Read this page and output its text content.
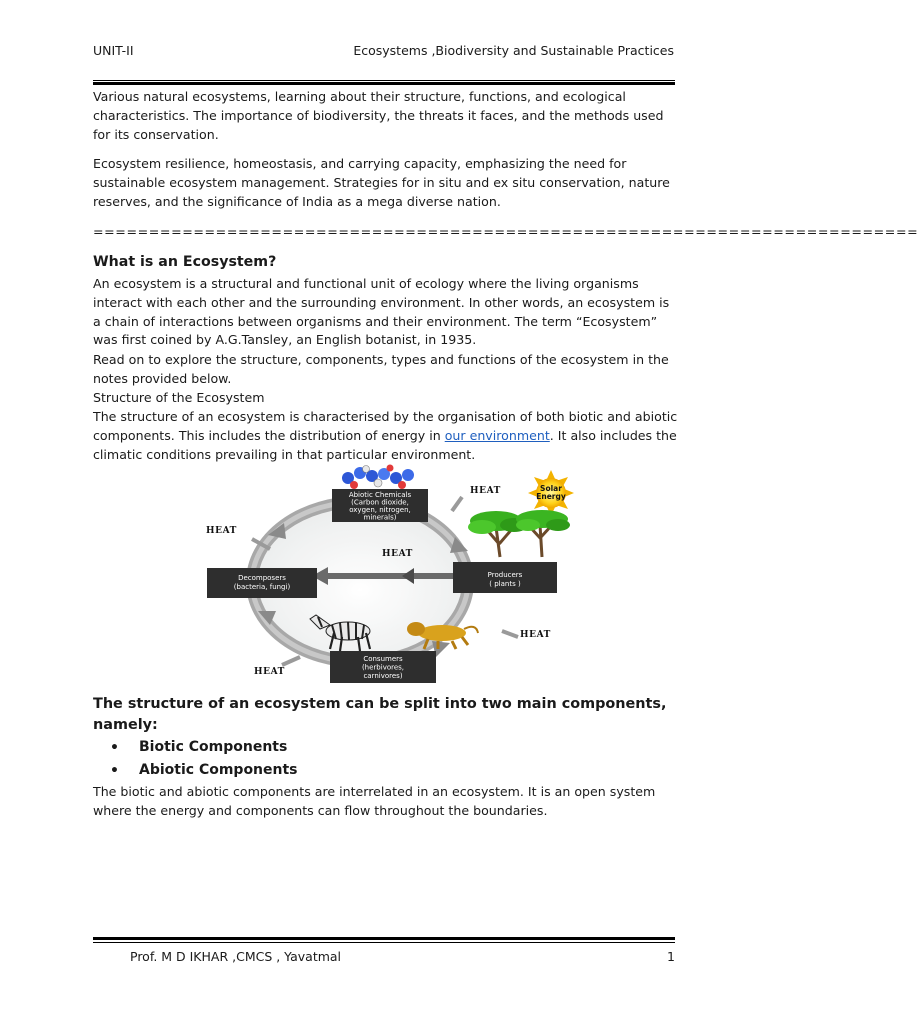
UNIT-II	Ecosystems ,Biodiversity and Sustainable Practices

Various natural ecosystems, learning about their structure, functions, and ecological characteristics. The importance of biodiversity, the threats it faces, and the methods used for its conservation.

Ecosystem resilience, homeostasis, and carrying capacity, emphasizing the need for sustainable ecosystem management. Strategies for in situ and ex situ conservation, nature reserves, and the significance of India as a mega diverse nation.

==========================================================================
What is an Ecosystem?

An ecosystem is a structural and functional unit of ecology where the living organisms interact with each other and the surrounding environment. In other words, an ecosystem is a chain of interactions between organisms and their environment. The term “Ecosystem” was first coined by A.G.Tansley, an English botanist, in 1935.

Read on to explore the structure, components, types and functions of the ecosystem in the notes provided below.

Structure of the Ecosystem

The structure of an ecosystem is characterised by the organisation of both biotic and abiotic components. This includes the distribution of energy in our environment. It also includes the climatic conditions prevailing in that particular environment.

Abiotic Chemicals
(Carbon dioxide,
oxygen, nitrogen,
minerals)
Solar
Energy
Producers
( plants )
Decomposers
(bacteria, fungi)
Consumers
(herbivores,
carnivores)
HEAT
HEAT
HEAT
HEAT
HEAT
The structure of an ecosystem can be split into two main components, namely:
• Biotic Components
• Abiotic Components

The biotic and abiotic components are interrelated in an ecosystem. It is an open system where the energy and components can flow throughout the boundaries.

Prof. M D IKHAR ,CMCS , Yavatmal	1
